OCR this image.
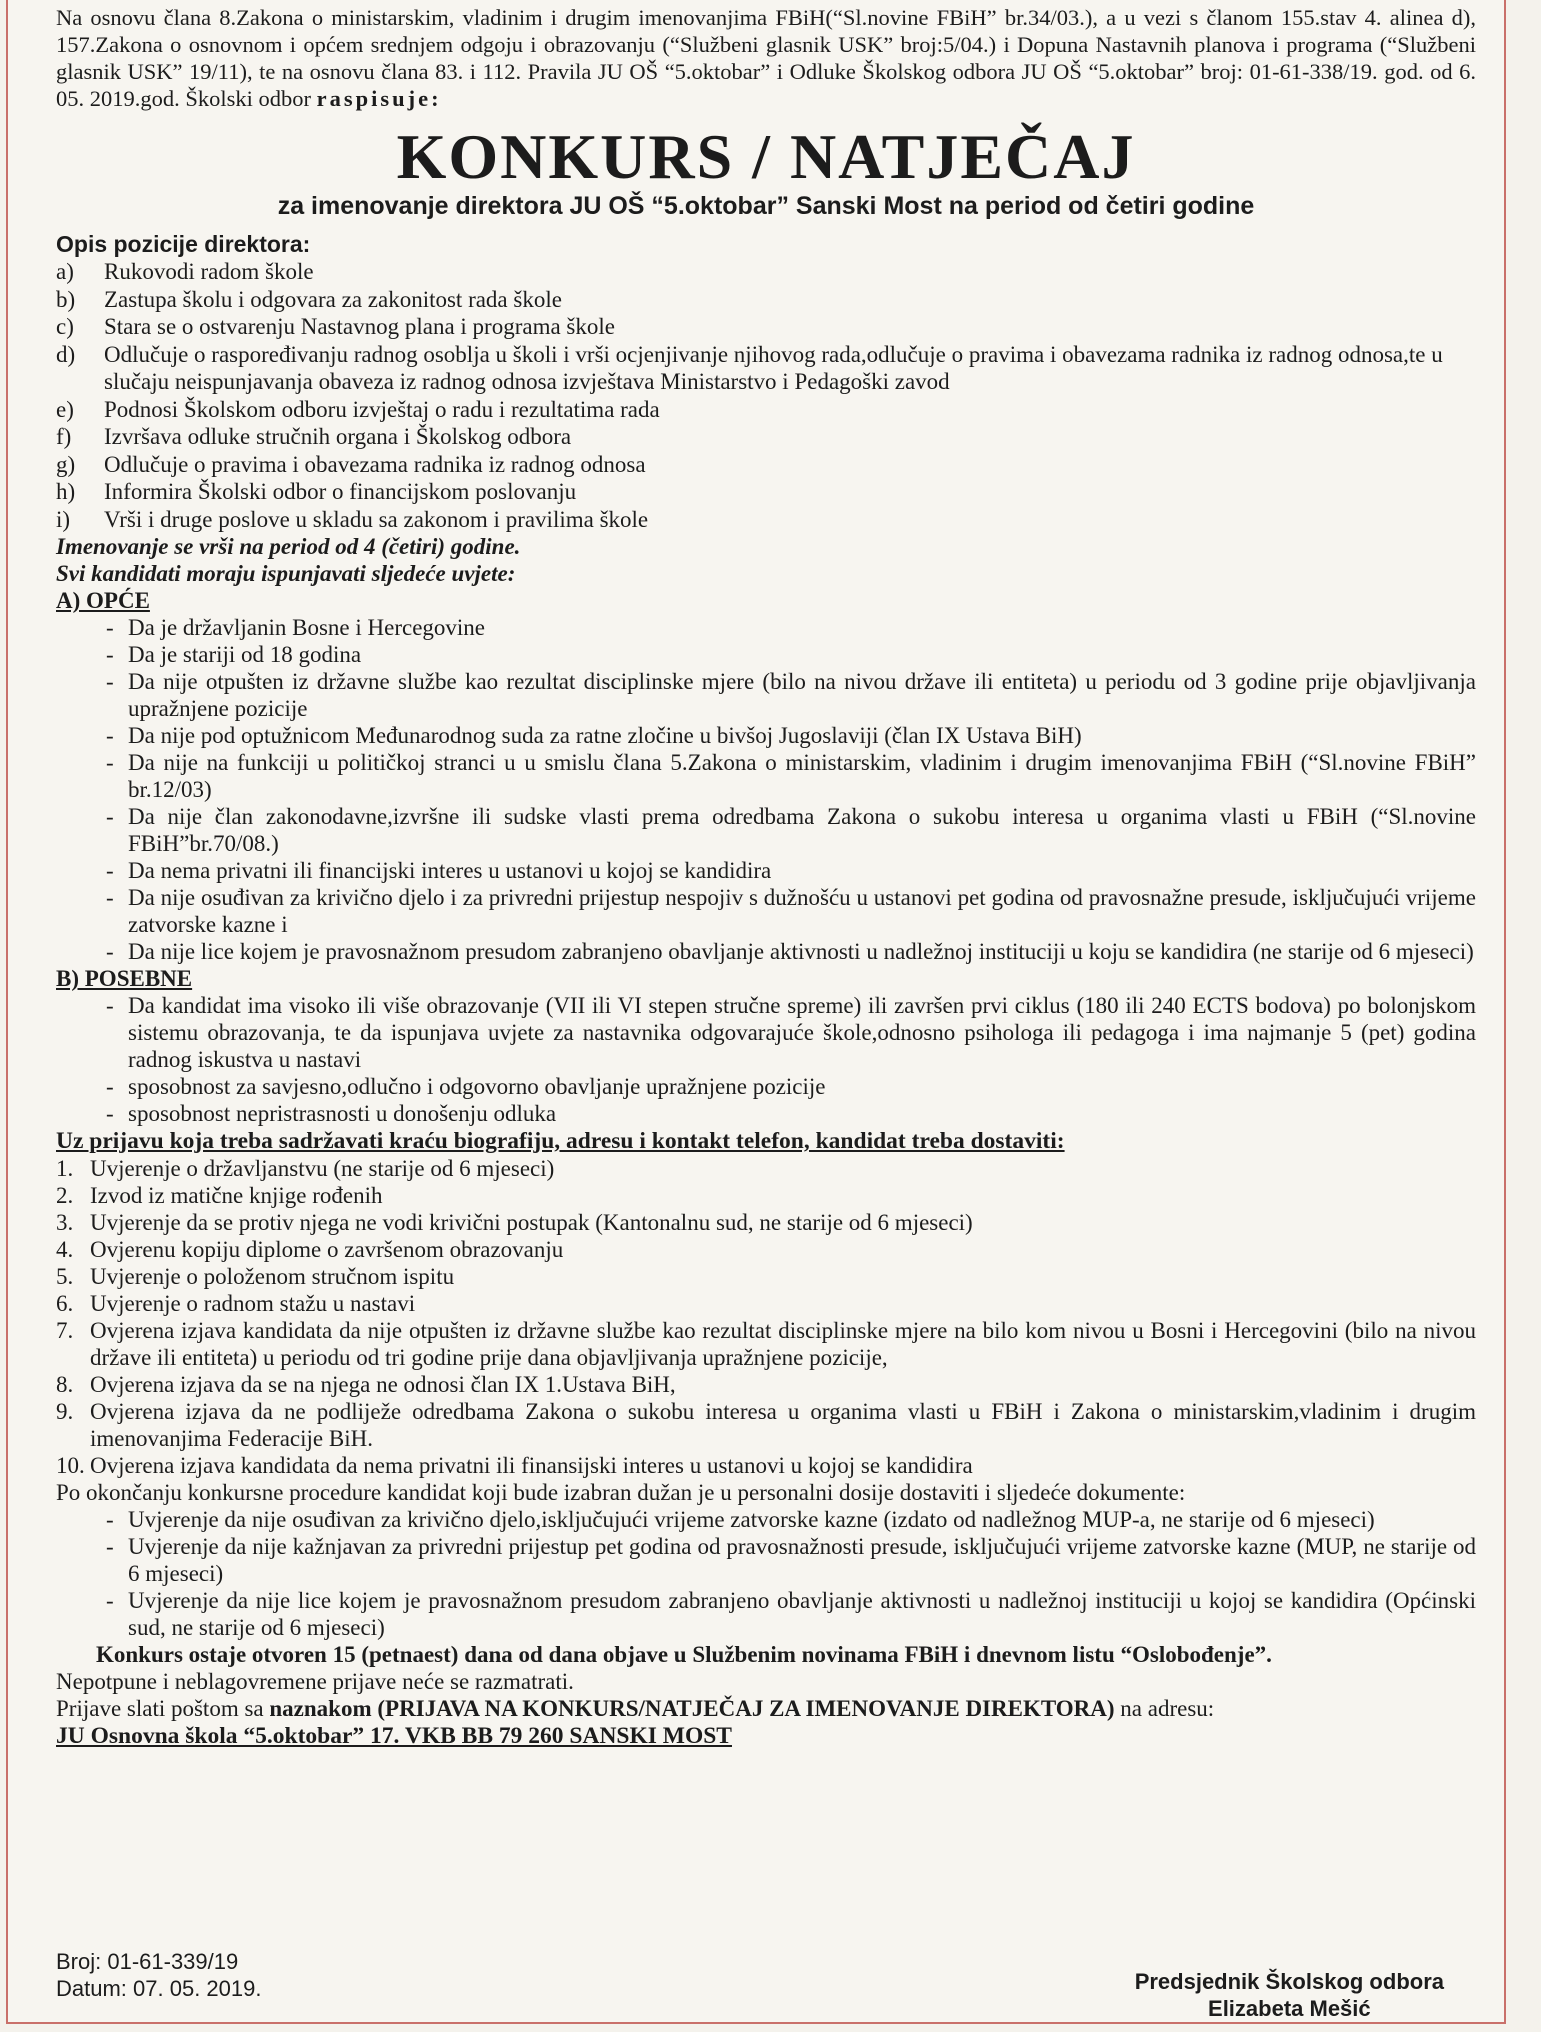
Na osnovu člana 8.Zakona o ministarskim, vladinim i drugim imenovanjima FBiH(“Sl.novine FBiH” br.34/03.), a u vezi s članom 155.stav 4. alinea d), 157.Zakona o osnovnom i općem srednjem odgoju i obrazovanju (“Službeni glasnik USK” broj:5/04.) i Dopuna Nastavnih planova i programa (“Službeni glasnik USK” 19/11), te na osnovu člana 83. i 112. Pravila JU OŠ “5.oktobar” i Odluke Školskog odbora JU OŠ “5.oktobar” broj: 01-61-338/19. god. od 6. 05. 2019.god. Školski odbor raspisuje:

KONKURS / NATJEČAJ
za imenovanje direktora JU OŠ “5.oktobar” Sanski Most na period od četiri godine

Opis pozicije direktora:

a)	Rukovodi radom škole
b)	Zastupa školu i odgovara za zakonitost rada škole
c)	Stara se o ostvarenju Nastavnog plana i programa škole
d)	Odlučuje o raspoređivanju radnog osoblja u školi i vrši ocjenjivanje njihovog rada,odlučuje o pravima i obavezama radnika iz radnog odnosa,te u slučaju neispunjavanja obaveza iz radnog odnosa izvještava Ministarstvo i Pedagoški zavod
e)	Podnosi Školskom odboru izvještaj o radu i rezultatima rada
f)	Izvršava odluke stručnih organa i Školskog odbora
g)	Odlučuje o pravima i obavezama radnika iz radnog odnosa
h)	Informira Školski odbor o financijskom poslovanju
i)	Vrši i druge poslove u skladu sa zakonom i pravilima škole

Imenovanje se vrši na period od 4 (četiri) godine.

Svi kandidati moraju ispunjavati sljedeće uvjete:

A) OPĆE

- Da je državljanin Bosne i Hercegovine
- Da je stariji od 18 godina
- Da nije otpušten iz državne službe kao rezultat disciplinske mjere (bilo na nivou države ili entiteta) u periodu od 3 godine prije objavljivanja upražnjene pozicije
- Da nije pod optužnicom Međunarodnog suda za ratne zločine u bivšoj Jugoslaviji (član IX Ustava BiH)
- Da nije na funkciji u političkoj stranci u u smislu člana 5.Zakona o ministarskim, vladinim i drugim imenovanjima FBiH (“Sl.novine FBiH” br.12/03)
- Da nije član zakonodavne,izvršne ili sudske vlasti prema odredbama Zakona o sukobu interesa u organima vlasti u FBiH (“Sl.novine FBiH”br.70/08.)
- Da nema privatni ili financijski interes u ustanovi u kojoj se kandidira
- Da nije osuđivan za krivično djelo i za privredni prijestup nespojiv s dužnošću u ustanovi pet godina od pravosnažne presude, isključujući vrijeme zatvorske kazne i
- Da nije lice kojem je pravosnažnom presudom zabranjeno obavljanje aktivnosti u nadležnoj instituciji u koju se kandidira (ne starije od 6 mjeseci)

B) POSEBNE

- Da kandidat ima visoko ili više obrazovanje (VII ili VI stepen stručne spreme) ili završen prvi ciklus (180 ili 240 ECTS bodova) po bolonjskom sistemu obrazovanja, te da ispunjava uvjete za nastavnika odgovarajuće škole,odnosno psihologa ili pedagoga i ima najmanje 5 (pet) godina radnog iskustva u nastavi
- sposobnost za savjesno,odlučno i odgovorno obavljanje upražnjene pozicije
- sposobnost nepristrasnosti u donošenju odluka

Uz prijavu koja treba sadržavati kraću biografiju, adresu i kontakt telefon, kandidat treba dostaviti:

1. Uvjerenje o državljanstvu (ne starije od 6 mjeseci)
2. Izvod iz matične knjige rođenih
3. Uvjerenje da se protiv njega ne vodi krivični postupak (Kantonalnu sud, ne starije od 6 mjeseci)
4. Ovjerenu kopiju diplome o završenom obrazovanju
5. Uvjerenje o položenom stručnom ispitu
6. Uvjerenje o radnom stažu u nastavi
7. Ovjerena izjava kandidata da nije otpušten iz državne službe kao rezultat disciplinske mjere na bilo kom nivou u Bosni i Hercegovini (bilo na nivou države ili entiteta) u periodu od tri godine prije dana objavljivanja upražnjene pozicije,
8. Ovjerena izjava da se na njega ne odnosi član IX 1.Ustava BiH,
9. Ovjerena izjava da ne podliježe odredbama Zakona o sukobu interesa u organima vlasti u FBiH i Zakona o ministarskim,vladinim i drugim imenovanjima Federacije BiH.
10. Ovjerena izjava kandidata da nema privatni ili finansijski interes u ustanovi u kojoj se kandidira

Po okončanju konkursne procedure kandidat koji bude izabran dužan je u personalni dosije dostaviti i sljedeće dokumente:

- Uvjerenje da nije osuđivan za krivično djelo,isključujući vrijeme zatvorske kazne (izdato od nadležnog MUP-a, ne starije od 6 mjeseci)
- Uvjerenje da nije kažnjavan za privredni prijestup pet godina od pravosnažnosti presude, isključujući vrijeme zatvorske kazne (MUP, ne starije od 6 mjeseci)
- Uvjerenje da nije lice kojem je pravosnažnom presudom zabranjeno obavljanje aktivnosti u nadležnoj instituciji u kojoj se kandidira (Općinski sud, ne starije od 6 mjeseci)

Konkurs ostaje otvoren 15 (petnaest) dana od dana objave u Službenim novinama FBiH i dnevnom listu “Oslobođenje”.

Nepotpune i neblagovremene prijave neće se razmatrati.

Prijave slati poštom sa naznakom (PRIJAVA NA KONKURS/NATJEČAJ ZA IMENOVANJE DIREKTORA) na adresu:

JU Osnovna škola “5.oktobar” 17. VKB BB 79 260 SANSKI MOST

Broj: 01-61-339/19
Datum: 07. 05. 2019.	Predsjednik Školskog odbora
Elizabeta Mešić
